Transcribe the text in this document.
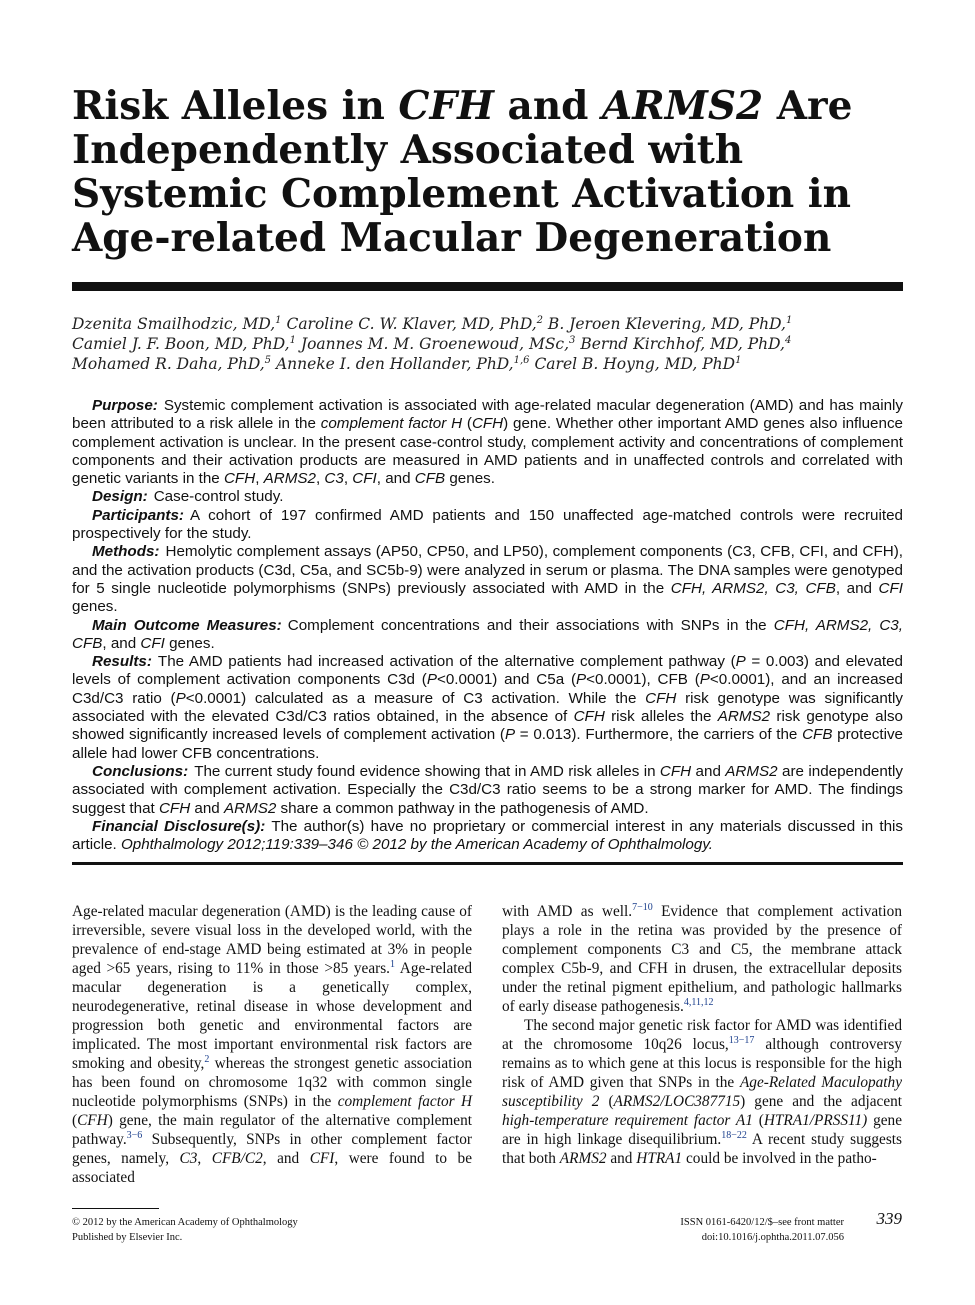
Risk Alleles in CFH and ARMS2 Are Independently Associated with Systemic Complement Activation in Age-related Macular Degeneration
Dzenita Smailhodzic, MD,$^1$ Caroline C. W. Klaver, MD, PhD,$^2$ B. Jeroen Klevering, MD, PhD,$^1$
Camiel J. F. Boon, MD, PhD,$^1$ Joannes M. M. Groenewoud, MSc,$^3$ Bernd Kirchhof, MD, PhD,$^4$
Mohamed R. Daha, PhD,$^5$ Anneke I. den Hollander, PhD,$^{1,6}$ Carel B. Hoyng, MD, PhD$^1$

Purpose: Systemic complement activation is associated with age-related macular degeneration (AMD) and has mainly been attributed to a risk allele in the complement factor H (CFH) gene. Whether other important AMD genes also influence complement activation is unclear. In the present case-control study, complement activity and concentrations of complement components and their activation products are measured in AMD patients and in unaffected controls and correlated with genetic variants in the CFH, ARMS2, C3, CFI, and CFB genes.

Design: Case-control study.

Participants: A cohort of 197 confirmed AMD patients and 150 unaffected age-matched controls were recruited prospectively for the study.

Methods: Hemolytic complement assays (AP50, CP50, and LP50), complement components (C3, CFB, CFI, and CFH), and the activation products (C3d, C5a, and SC5b-9) were analyzed in serum or plasma. The DNA samples were genotyped for 5 single nucleotide polymorphisms (SNPs) previously associated with AMD in the CFH, ARMS2, C3, CFB, and CFI genes.

Main Outcome Measures: Complement concentrations and their associations with SNPs in the CFH, ARMS2, C3, CFB, and CFI genes.

Results: The AMD patients had increased activation of the alternative complement pathway (P = 0.003) and elevated levels of complement activation components C3d (P<0.0001) and C5a (P<0.0001), CFB (P<0.0001), and an increased C3d/C3 ratio (P<0.0001) calculated as a measure of C3 activation. While the CFH risk genotype was significantly associated with the elevated C3d/C3 ratios obtained, in the absence of CFH risk alleles the ARMS2 risk genotype also showed significantly increased levels of complement activation (P = 0.013). Furthermore, the carriers of the CFB protective allele had lower CFB concentrations.

Conclusions: The current study found evidence showing that in AMD risk alleles in CFH and ARMS2 are independently associated with complement activation. Especially the C3d/C3 ratio seems to be a strong marker for AMD. The findings suggest that CFH and ARMS2 share a common pathway in the pathogenesis of AMD.

Financial Disclosure(s): The author(s) have no proprietary or commercial interest in any materials discussed in this article. Ophthalmology 2012;119:339–346 © 2012 by the American Academy of Ophthalmology.

Age-related macular degeneration (AMD) is the leading cause of irreversible, severe visual loss in the developed world, with the prevalence of end-stage AMD being estimated at 3% in people aged >65 years, rising to 11% in those >85 years.$^1$ Age-related macular degeneration is a genetically complex, neurodegenerative, retinal disease in whose development and progression both genetic and environmental factors are implicated. The most important environmental risk factors are smoking and obesity,$^2$ whereas the strongest genetic association has been found on chromosome 1q32 with common single nucleotide polymorphisms (SNPs) in the complement factor H (CFH) gene, the main regulator of the alternative complement pathway.$^{3-6}$ Subsequently, SNPs in other complement factor genes, namely, C3, CFB/C2, and CFI, were found to be associated

with AMD as well.$^{7-10}$ Evidence that complement activation plays a role in the retina was provided by the presence of complement components C3 and C5, the membrane attack complex C5b-9, and CFH in drusen, the extracellular deposits under the retinal pigment epithelium, and pathologic hallmarks of early disease pathogenesis.$^{4,11,12}$

The second major genetic risk factor for AMD was identified at the chromosome 10q26 locus,$^{13-17}$ although controversy remains as to which gene at this locus is responsible for the high risk of AMD given that SNPs in the Age-Related Maculopathy susceptibility 2 (ARMS2/LOC387715) gene and the adjacent high-temperature requirement factor A1 (HTRA1/PRSS11) gene are in high linkage disequilibrium.$^{18-22}$ A recent study suggests that both ARMS2 and HTRA1 could be involved in the patho-

© 2012 by the American Academy of Ophthalmology
Published by Elsevier Inc.
ISSN 0161-6420/12/$–see front matter
doi:10.1016/j.ophtha.2011.07.056
339
